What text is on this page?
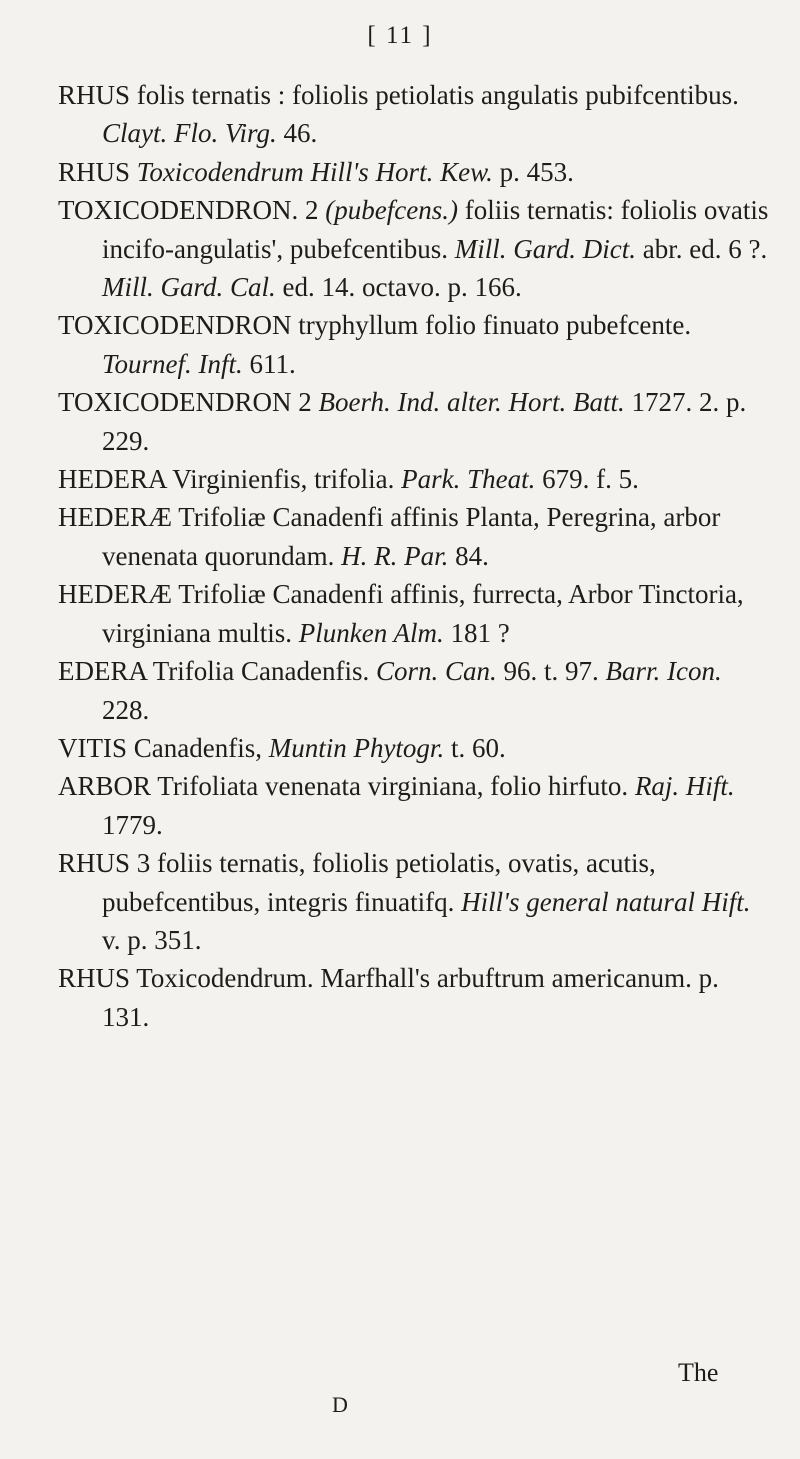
[ 11 ]

RHUS folis ternatis : foliolis petiolatis angulatis pubifcentibus. Clayt. Flo. Virg. 46.

RHUS Toxicodendrum Hill's Hort. Kew. p. 453.

TOXICODENDRON. 2 (pubefcens.) foliis ternatis: foliolis ovatis incifo-angulatis', pubefcentibus. Mill. Gard. Dict. abr. ed. 6 ?. Mill. Gard. Cal. ed. 14. octavo. p. 166.

TOXICODENDRON tryphyllum folio finuato pubefcente. Tournef. Inft. 611.

TOXICODENDRON 2 Boerh. Ind. alter. Hort. Batt. 1727. 2. p. 229.

HEDERA Virginienfis, trifolia. Park. Theat. 679. f. 5.

HEDERÆ Trifoliæ Canadenfi affinis Planta, Peregrina, arbor venenata quorundam. H. R. Par. 84.

HEDERÆ Trifoliæ Canadenfi affinis, furrecta, Arbor Tinctoria, virginiana multis. Plunken Alm. 181 ?

EDERA Trifolia Canadenfis. Corn. Can. 96. t. 97. Barr. Icon. 228.

VITIS Canadenfis, Muntin Phytogr. t. 60.

ARBOR Trifoliata venenata virginiana, folio hirfuto. Raj. Hift. 1779.

RHUS 3 foliis ternatis, foliolis petiolatis, ovatis, acutis, pubefcentibus, integris finuatifq. Hill's general natural Hift. v. p. 351.

RHUS Toxicodendrum. Marfhall's arbuftrum americanum. p. 131.

The
D
